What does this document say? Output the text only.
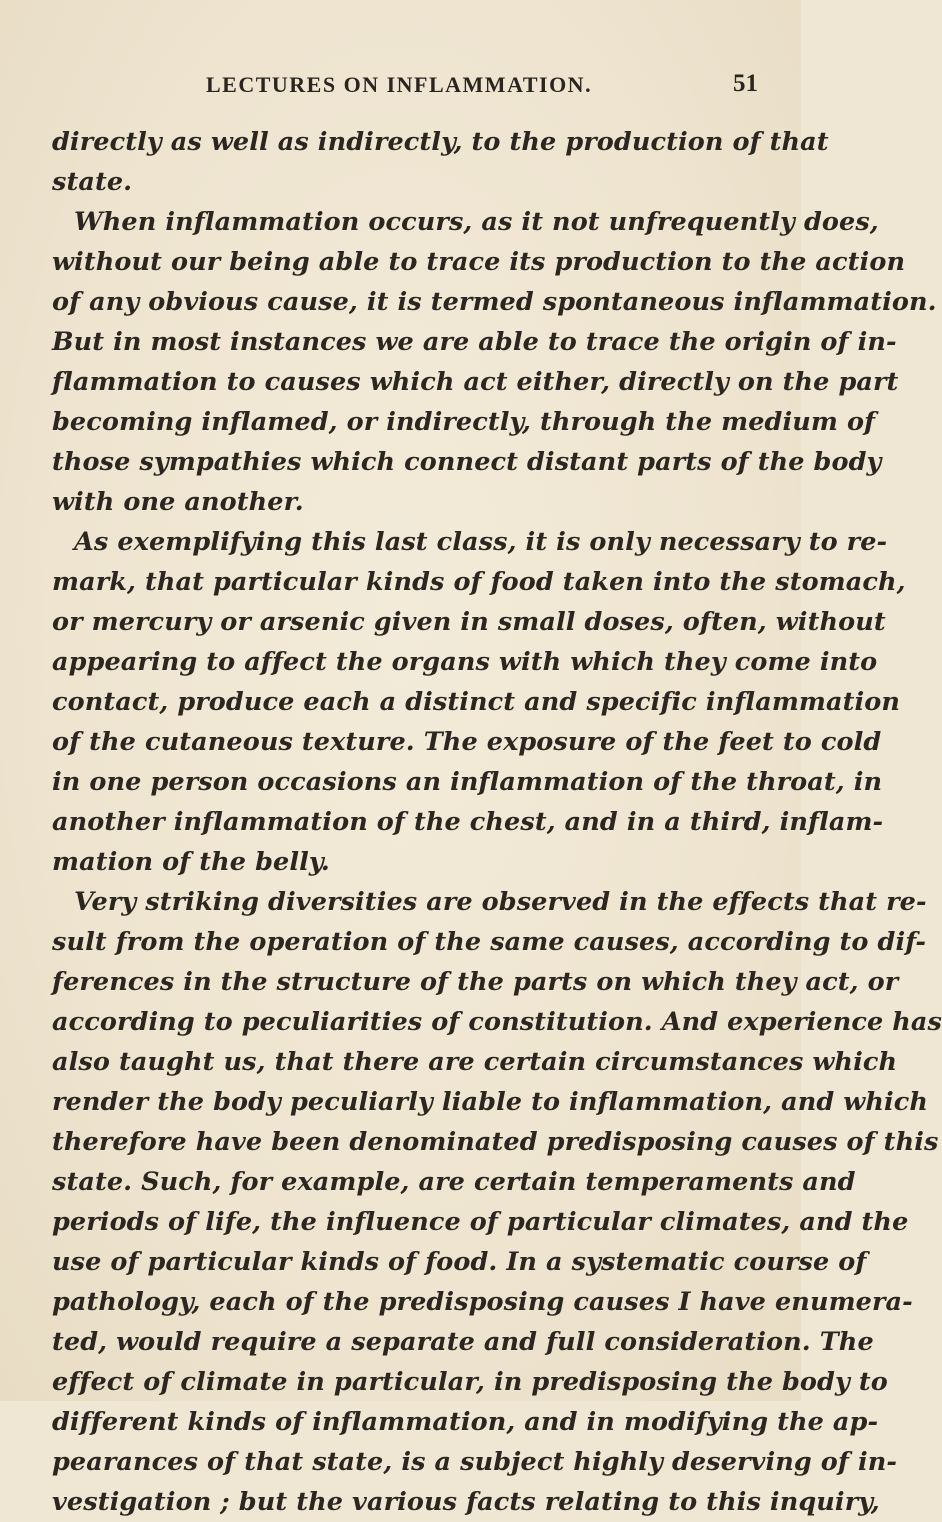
LECTURES ON INFLAMMATION.	51
directly as well as indirectly, to the production of that
state.
When inflammation occurs, as it not unfrequently does,
without our being able to trace its production to the action
of any obvious cause, it is termed spontaneous inflammation.
But in most instances we are able to trace the origin of in-
flammation to causes which act either, directly on the part
becoming inflamed, or indirectly, through the medium of
those sympathies which connect distant parts of the body
with one another.
As exemplifying this last class, it is only necessary to re-
mark, that particular kinds of food taken into the stomach,
or mercury or arsenic given in small doses, often, without
appearing to affect the organs with which they come into
contact, produce each a distinct and specific inflammation
of the cutaneous texture. The exposure of the feet to cold
in one person occasions an inflammation of the throat, in
another inflammation of the chest, and in a third, inflam-
mation of the belly.
Very striking diversities are observed in the effects that re-
sult from the operation of the same causes, according to dif-
ferences in the structure of the parts on which they act, or
according to peculiarities of constitution. And experience has
also taught us, that there are certain circumstances which
render the body peculiarly liable to inflammation, and which
therefore have been denominated predisposing causes of this
state. Such, for example, are certain temperaments and
periods of life, the influence of particular climates, and the
use of particular kinds of food. In a systematic course of
pathology, each of the predisposing causes I have enumera-
ted, would require a separate and full consideration. The
effect of climate in particular, in predisposing the body to
different kinds of inflammation, and in modifying the ap-
pearances of that state, is a subject highly deserving of in-
vestigation ; but the various facts relating to this inquiry,
